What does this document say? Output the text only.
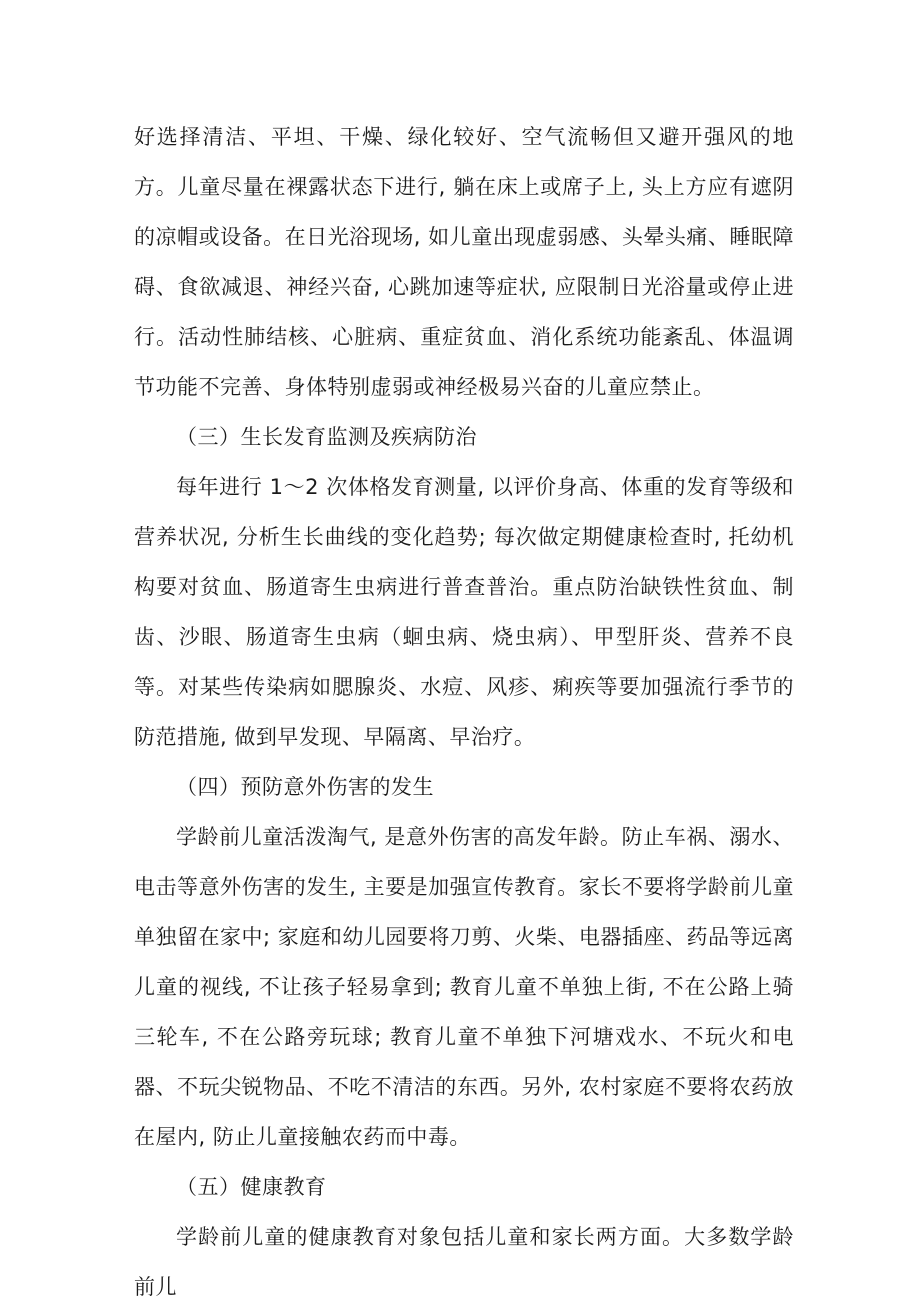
好选择清洁、平坦、干燥、绿化较好、空气流畅但又避开强风的地方。儿童尽量在裸露状态下进行, 躺在床上或席子上, 头上方应有遮阴的凉帽或设备。在日光浴现场, 如儿童出现虚弱感、头晕头痛、睡眠障碍、食欲减退、神经兴奋, 心跳加速等症状, 应限制日光浴量或停止进行。活动性肺结核、心脏病、重症贫血、消化系统功能紊乱、体温调节功能不完善、身体特别虚弱或神经极易兴奋的儿童应禁止。

（三）生长发育监测及疾病防治

每年进行 1～2 次体格发育测量, 以评价身高、体重的发育等级和营养状况, 分析生长曲线的变化趋势; 每次做定期健康检查时, 托幼机构要对贫血、肠道寄生虫病进行普查普治。重点防治缺铁性贫血、制齿、沙眼、肠道寄生虫病（蛔虫病、烧虫病）、甲型肝炎、营养不良等。对某些传染病如腮腺炎、水痘、风疹、痢疾等要加强流行季节的防范措施, 做到早发现、早隔离、早治疗。

（四）预防意外伤害的发生

学龄前儿童活泼淘气, 是意外伤害的高发年龄。防止车祸、溺水、电击等意外伤害的发生, 主要是加强宣传教育。家长不要将学龄前儿童单独留在家中; 家庭和幼儿园要将刀剪、火柴、电器插座、药品等远离儿童的视线, 不让孩子轻易拿到; 教育儿童不单独上街, 不在公路上骑三轮车, 不在公路旁玩球; 教育儿童不单独下河塘戏水、不玩火和电器、不玩尖锐物品、不吃不清洁的东西。另外, 农村家庭不要将农药放在屋内, 防止儿童接触农药而中毒。

（五）健康教育

学龄前儿童的健康教育对象包括儿童和家长两方面。大多数学龄前儿
